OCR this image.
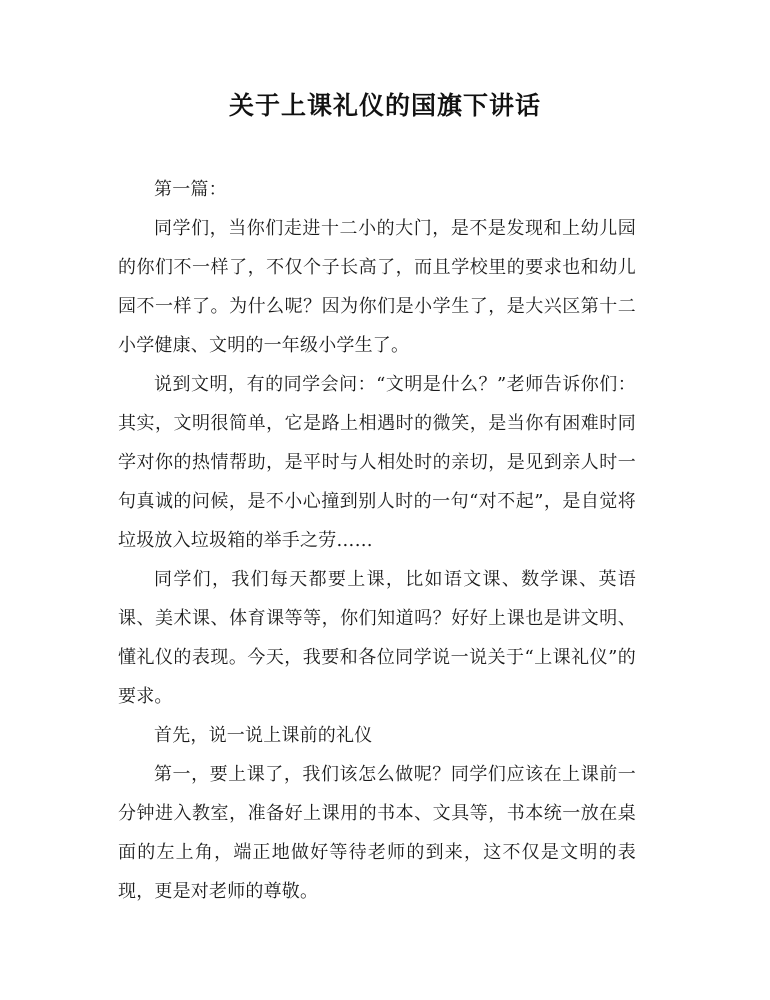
关于上课礼仪的国旗下讲话

第一篇：

同学们，当你们走进十二小的大门，是不是发现和上幼儿园的你们不一样了，不仅个子长高了，而且学校里的要求也和幼儿园不一样了。为什么呢？因为你们是小学生了，是大兴区第十二小学健康、文明的一年级小学生了。

说到文明，有的同学会问：“文明是什么？”老师告诉你们：其实，文明很简单，它是路上相遇时的微笑，是当你有困难时同学对你的热情帮助，是平时与人相处时的亲切，是见到亲人时一句真诚的问候，是不小心撞到别人时的一句“对不起”，是自觉将垃圾放入垃圾箱的举手之劳……

同学们，我们每天都要上课，比如语文课、数学课、英语课、美术课、体育课等等，你们知道吗？好好上课也是讲文明、懂礼仪的表现。今天，我要和各位同学说一说关于“上课礼仪”的要求。

首先，说一说上课前的礼仪

第一，要上课了，我们该怎么做呢？同学们应该在上课前一分钟进入教室，准备好上课用的书本、文具等，书本统一放在桌面的左上角，端正地做好等待老师的到来，这不仅是文明的表现，更是对老师的尊敬。
